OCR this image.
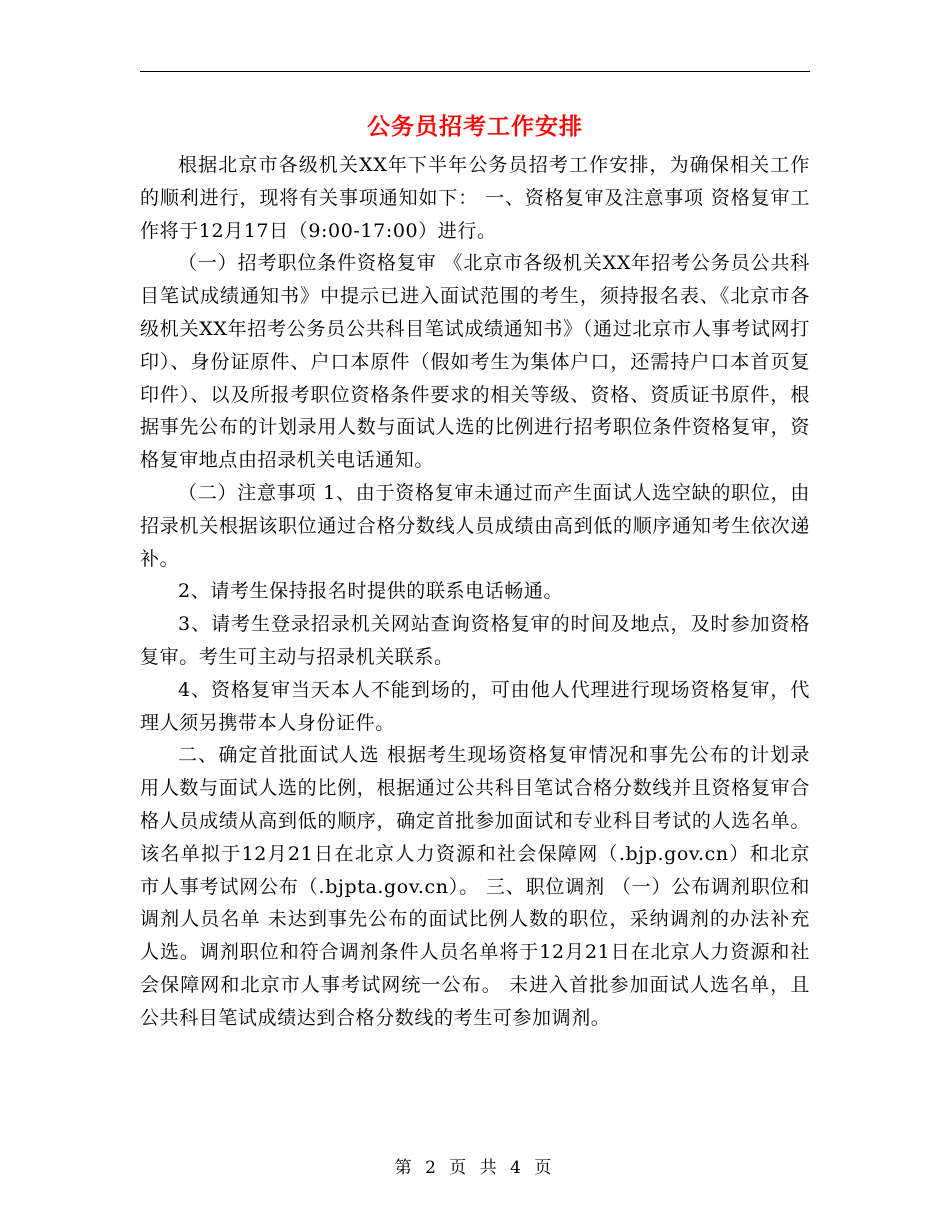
公务员招考工作安排

根据北京市各级机关XX年下半年公务员招考工作安排，为确保相关工作的顺利进行，现将有关事项通知如下： 一、资格复审及注意事项 资格复审工作将于12月17日（9:00-17:00）进行。

（一）招考职位条件资格复审 《北京市各级机关XX年招考公务员公共科目笔试成绩通知书》中提示已进入面试范围的考生，须持报名表、《北京市各级机关XX年招考公务员公共科目笔试成绩通知书》（通过北京市人事考试网打印）、身份证原件、户口本原件（假如考生为集体户口，还需持户口本首页复印件）、以及所报考职位资格条件要求的相关等级、资格、资质证书原件，根据事先公布的计划录用人数与面试人选的比例进行招考职位条件资格复审，资格复审地点由招录机关电话通知。

（二）注意事项 1、由于资格复审未通过而产生面试人选空缺的职位，由招录机关根据该职位通过合格分数线人员成绩由高到低的顺序通知考生依次递补。

2、请考生保持报名时提供的联系电话畅通。

3、请考生登录招录机关网站查询资格复审的时间及地点，及时参加资格复审。考生可主动与招录机关联系。

4、资格复审当天本人不能到场的，可由他人代理进行现场资格复审，代理人须另携带本人身份证件。

二、确定首批面试人选 根据考生现场资格复审情况和事先公布的计划录用人数与面试人选的比例，根据通过公共科目笔试合格分数线并且资格复审合格人员成绩从高到低的顺序，确定首批参加面试和专业科目考试的人选名单。该名单拟于12月21日在北京人力资源和社会保障网（.bjp.gov.cn）和北京市人事考试网公布（.bjpta.gov.cn）。 三、职位调剂 （一）公布调剂职位和调剂人员名单 未达到事先公布的面试比例人数的职位，采纳调剂的办法补充人选。调剂职位和符合调剂条件人员名单将于12月21日在北京人力资源和社会保障网和北京市人事考试网统一公布。 未进入首批参加面试人选名单，且公共科目笔试成绩达到合格分数线的考生可参加调剂。

第 2 页 共 4 页
